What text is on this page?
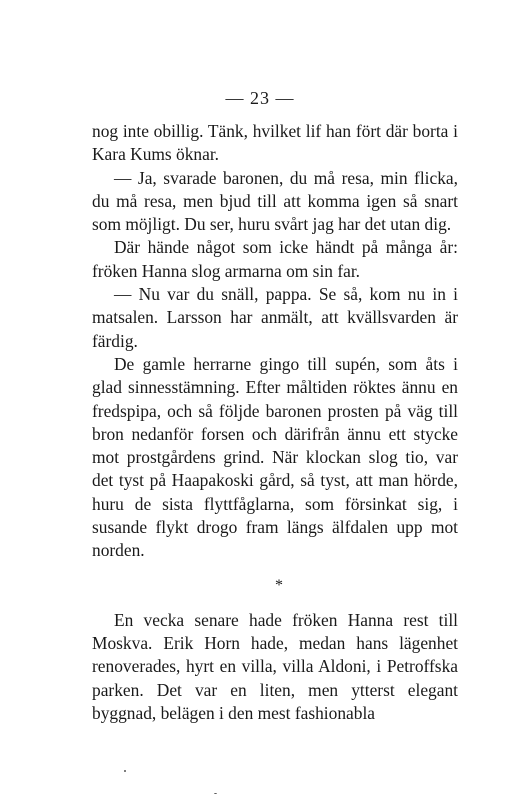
— 23 —

nog inte obillig. Tänk, hvilket lif han fört där borta i Kara Kums öknar.

— Ja, svarade baronen, du må resa, min flicka, du må resa, men bjud till att komma igen så snart som möjligt. Du ser, huru svårt jag har det utan dig.

Där hände något som icke händt på många år: fröken Hanna slog armarna om sin far.

— Nu var du snäll, pappa. Se så, kom nu in i matsalen. Larsson har anmält, att kvällsvarden är färdig.

De gamle herrarne gingo till supén, som åts i glad sinnesstämning. Efter måltiden röktes ännu en fredspipa, och så följde baronen prosten på väg till bron nedanför forsen och därifrån ännu ett stycke mot prostgårdens grind. När klockan slog tio, var det tyst på Haapakoski gård, så tyst, att man hörde, huru de sista flyttfåglarna, som försinkat sig, i susande flykt drogo fram längs älfdalen upp mot norden.

*

En vecka senare hade fröken Hanna rest till Moskva. Erik Horn hade, medan hans lägenhet renoverades, hyrt en villa, villa Aldoni, i Petroffska parken. Det var en liten, men ytterst elegant byggnad, belägen i den mest fashionabla
